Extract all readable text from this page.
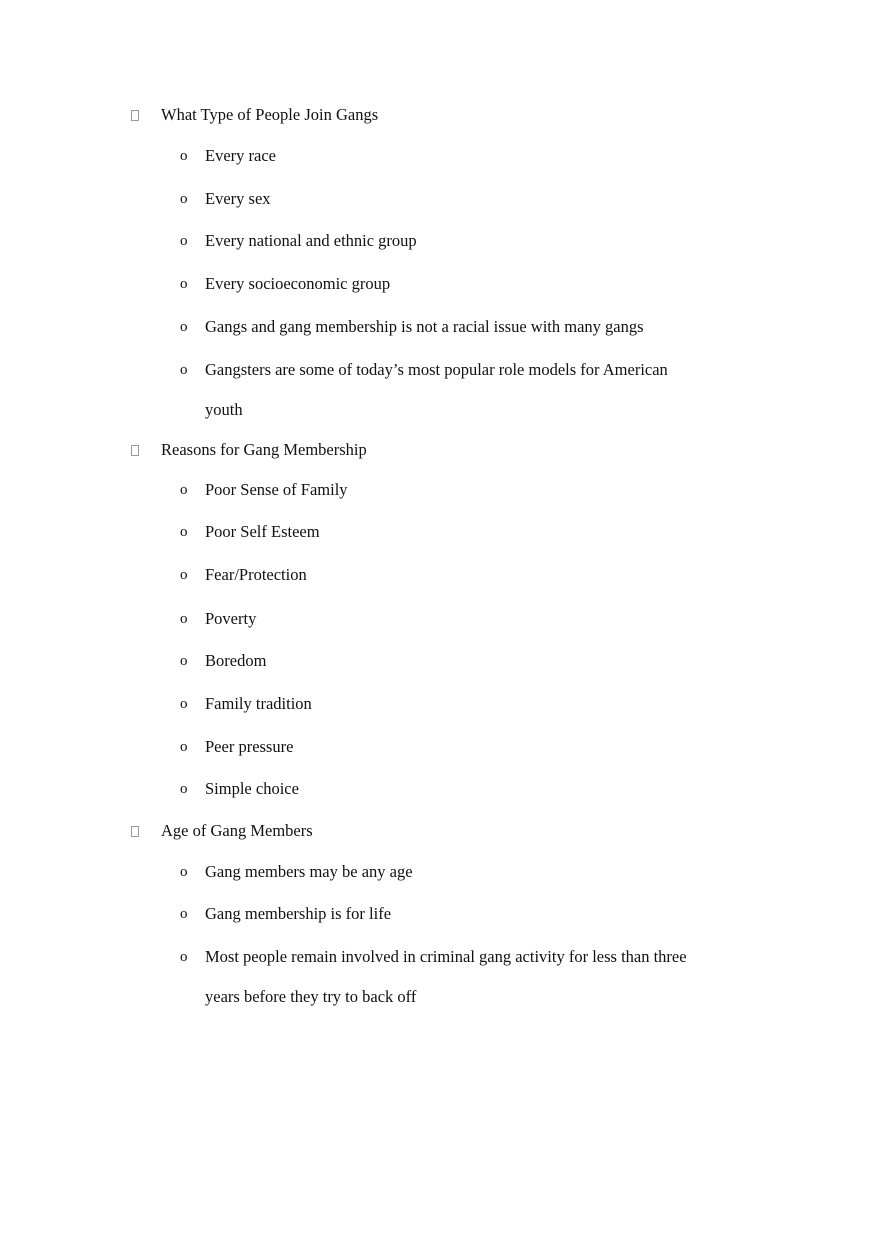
What Type of People Join Gangs
o	Every race
o	Every sex
o	Every national and ethnic group
o	Every socioeconomic group
o	Gangs and gang membership is not a racial issue with many gangs
o	Gangsters are some of today’s most popular role models for American youth
Reasons for Gang Membership
o	Poor Sense of Family
o	Poor Self Esteem
o	Fear/Protection
o	Poverty
o	Boredom
o	Family tradition
o	Peer pressure
o	Simple choice
Age of Gang Members
o	Gang members may be any age
o	Gang membership is for life
o	Most people remain involved in criminal gang activity for less than three years before they try to back off
